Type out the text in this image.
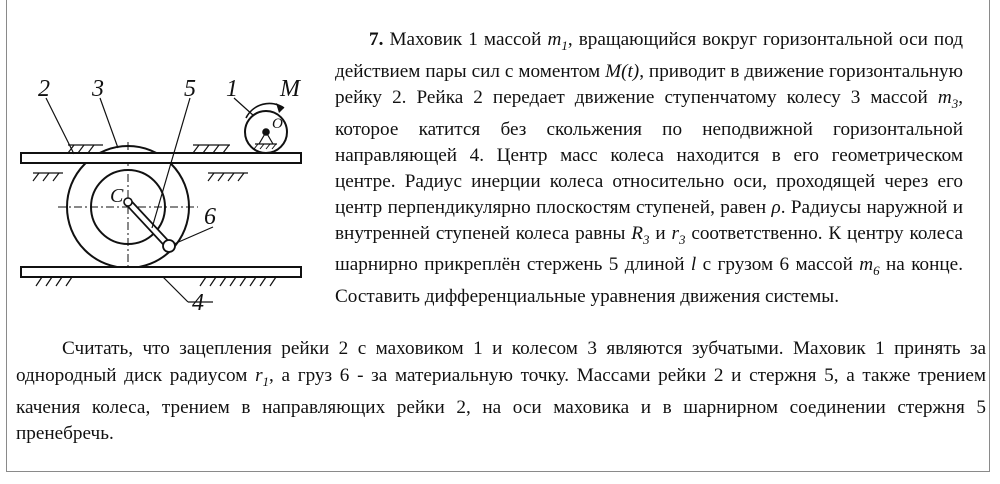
2 3	5 1 M
C
6
4
O

7. Маховик 1 массой $m_1$, вращающийся вокруг горизонтальной оси под действием пары сил с моментом M(t), приводит в движение горизонтальную рейку 2. Рейка 2 передает движение ступенчатому колесу 3 массой $m_3$, которое катится без скольжения по неподвижной горизонтальной направляющей 4. Центр масс колеса находится в его геометрическом центре. Радиус инерции колеса относительно оси, проходящей через его центр перпендикулярно плоскостям ступеней, равен ρ. Радиусы наружной и внутренней ступеней колеса равны $R_3$ и $r_3$ соответственно. К центру колеса шарнирно прикреплён стержень 5 длиной l с грузом 6 массой $m_6$ на конце. Составить дифференциальные уравнения движения системы.

Считать, что зацепления рейки 2 с маховиком 1 и колесом 3 являются зубчатыми. Маховик 1 принять за однородный диск радиусом $r_1$, а груз 6 - за материальную точку. Массами рейки 2 и стержня 5, а также трением качения колеса, трением в направляющих рейки 2, на оси маховика и в шарнирном соединении стержня 5 пренебречь.
